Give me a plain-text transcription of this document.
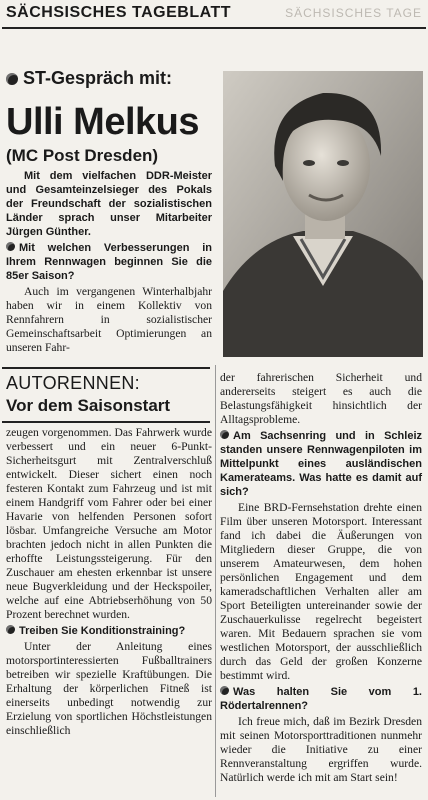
SÄCHSISCHES TAGEBLATT	SÄCHSISCHES TAGE
ST-Gespräch mit:
Ulli Melkus
(MC Post Dresden)

Mit dem vielfachen DDR-Meister und Gesamteinzelsieger des Pokals der Freundschaft der sozialistischen Länder sprach unser Mitarbeiter Jürgen Günther.

Mit welchen Verbesserungen in Ihrem Rennwagen beginnen Sie die 85er Saison?

Auch im vergangenen Winterhalbjahr haben wir in einem Kollektiv von Rennfahrern in sozialistischer Gemeinschaftsarbeit Optimierungen an unseren Fahr-

AUTORENNEN:
Vor dem Saisonstart

zeugen vorgenommen. Das Fahrwerk wurde verbessert und ein neuer 6-Punkt-Sicherheitsgurt mit Zentralverschluß entwickelt. Dieser sichert einen noch festeren Kontakt zum Fahrzeug und ist mit einem Handgriff vom Fahrer oder bei einer Havarie von helfenden Personen sofort lösbar. Umfangreiche Versuche am Motor brachten jedoch nicht in allen Punkten die erhoffte Leistungssteigerung. Für den Zuschauer am ehesten erkennbar ist unsere neue Bugverkleidung und der Heckspoiler, welche auf eine Abtriebserhöhung von 50 Prozent berechnet wurden.

Treiben Sie Konditionstraining?

Unter der Anleitung eines motorsportinteressierten Fußballtrainers betreiben wir spezielle Kraftübungen. Die Erhaltung der körperlichen Fitneß ist einerseits unbedingt notwendig zur Erzielung von sportlichen Höchstleistungen einschließlich

der fahrerischen Sicherheit und andererseits steigert es auch die Belastungsfähigkeit hinsichtlich der Alltagsprobleme.

Am Sachsenring und in Schleiz standen unsere Rennwagenpiloten im Mittelpunkt eines ausländischen Kamerateams. Was hatte es damit auf sich?

Eine BRD-Fernsehstation drehte einen Film über unseren Motorsport. Interessant fand ich dabei die Äußerungen von Mitgliedern dieser Gruppe, die von unserem Amateurwesen, dem hohen persönlichen Engagement und dem kameradschaftlichen Verhalten aller am Sport Beteiligten untereinander sowie der Zuschauerkulisse regelrecht begeistert waren. Mit Bedauern sprachen sie vom westlichen Motorsport, der ausschließlich durch das Geld der großen Konzerne bestimmt wird.

Was halten Sie vom 1. Rödertalrennen?

Ich freue mich, daß im Bezirk Dresden mit seinen Motorsporttraditionen nunmehr wieder die Initiative zu einer Rennveranstaltung ergriffen wurde. Natürlich werde ich mit am Start sein!
